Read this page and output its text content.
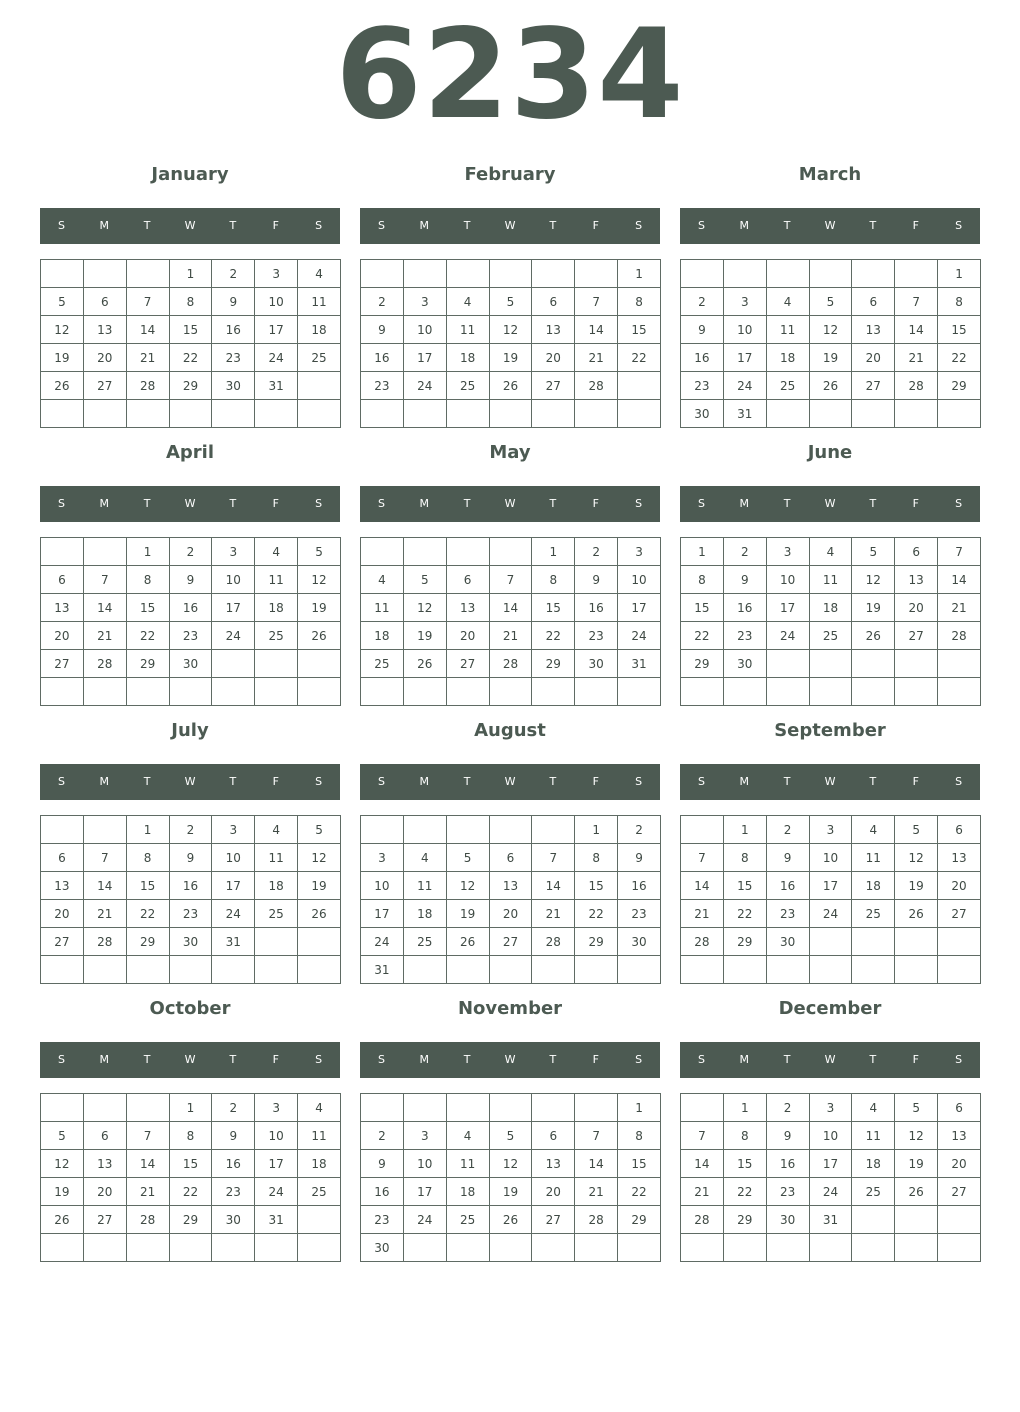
6234
January
S	M	T	W	T	F	S
			1	2	3	4
5	6	7	8	9	10	11
12	13	14	15	16	17	18
19	20	21	22	23	24	25
26	27	28	29	30	31	

February
S	M	T	W	T	F	S
						1
2	3	4	5	6	7	8
9	10	11	12	13	14	15
16	17	18	19	20	21	22
23	24	25	26	27	28	

March
S	M	T	W	T	F	S
						1
2	3	4	5	6	7	8
9	10	11	12	13	14	15
16	17	18	19	20	21	22
23	24	25	26	27	28	29
30	31					
April
S	M	T	W	T	F	S
		1	2	3	4	5
6	7	8	9	10	11	12
13	14	15	16	17	18	19
20	21	22	23	24	25	26
27	28	29	30			

May
S	M	T	W	T	F	S
				1	2	3
4	5	6	7	8	9	10
11	12	13	14	15	16	17
18	19	20	21	22	23	24
25	26	27	28	29	30	31

June
S	M	T	W	T	F	S
1	2	3	4	5	6	7
8	9	10	11	12	13	14
15	16	17	18	19	20	21
22	23	24	25	26	27	28
29	30					

July
S	M	T	W	T	F	S
		1	2	3	4	5
6	7	8	9	10	11	12
13	14	15	16	17	18	19
20	21	22	23	24	25	26
27	28	29	30	31		

August
S	M	T	W	T	F	S
					1	2
3	4	5	6	7	8	9
10	11	12	13	14	15	16
17	18	19	20	21	22	23
24	25	26	27	28	29	30
31						
September
S	M	T	W	T	F	S
	1	2	3	4	5	6
7	8	9	10	11	12	13
14	15	16	17	18	19	20
21	22	23	24	25	26	27
28	29	30				

October
S	M	T	W	T	F	S
			1	2	3	4
5	6	7	8	9	10	11
12	13	14	15	16	17	18
19	20	21	22	23	24	25
26	27	28	29	30	31	

November
S	M	T	W	T	F	S
						1
2	3	4	5	6	7	8
9	10	11	12	13	14	15
16	17	18	19	20	21	22
23	24	25	26	27	28	29
30						
December
S	M	T	W	T	F	S
	1	2	3	4	5	6
7	8	9	10	11	12	13
14	15	16	17	18	19	20
21	22	23	24	25	26	27
28	29	30	31			
